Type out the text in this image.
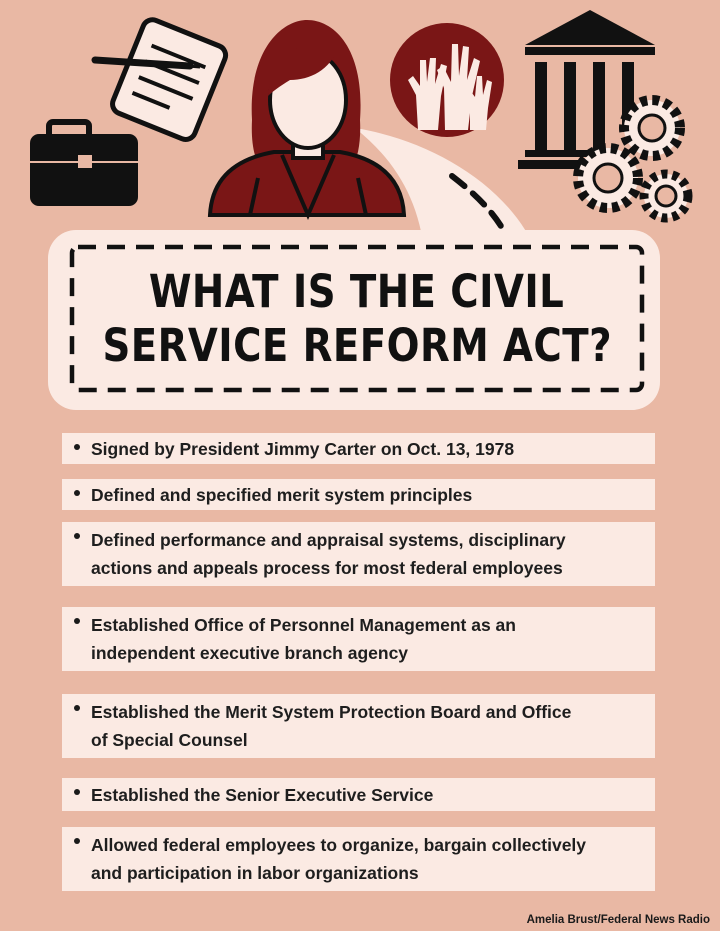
WHAT IS THE CIVIL
SERVICE REFORM ACT?
Signed by President Jimmy Carter on Oct. 13, 1978
Defined and specified merit system principles
Defined performance and appraisal systems, disciplinary
actions and appeals process for most federal employees
Established Office of Personnel Management as an
independent executive branch agency
Established the Merit System Protection Board and Office
of Special Counsel
Established the Senior Executive Service
Allowed federal employees to organize, bargain collectively
and participation in labor organizations
Amelia Brust/Federal News Radio
